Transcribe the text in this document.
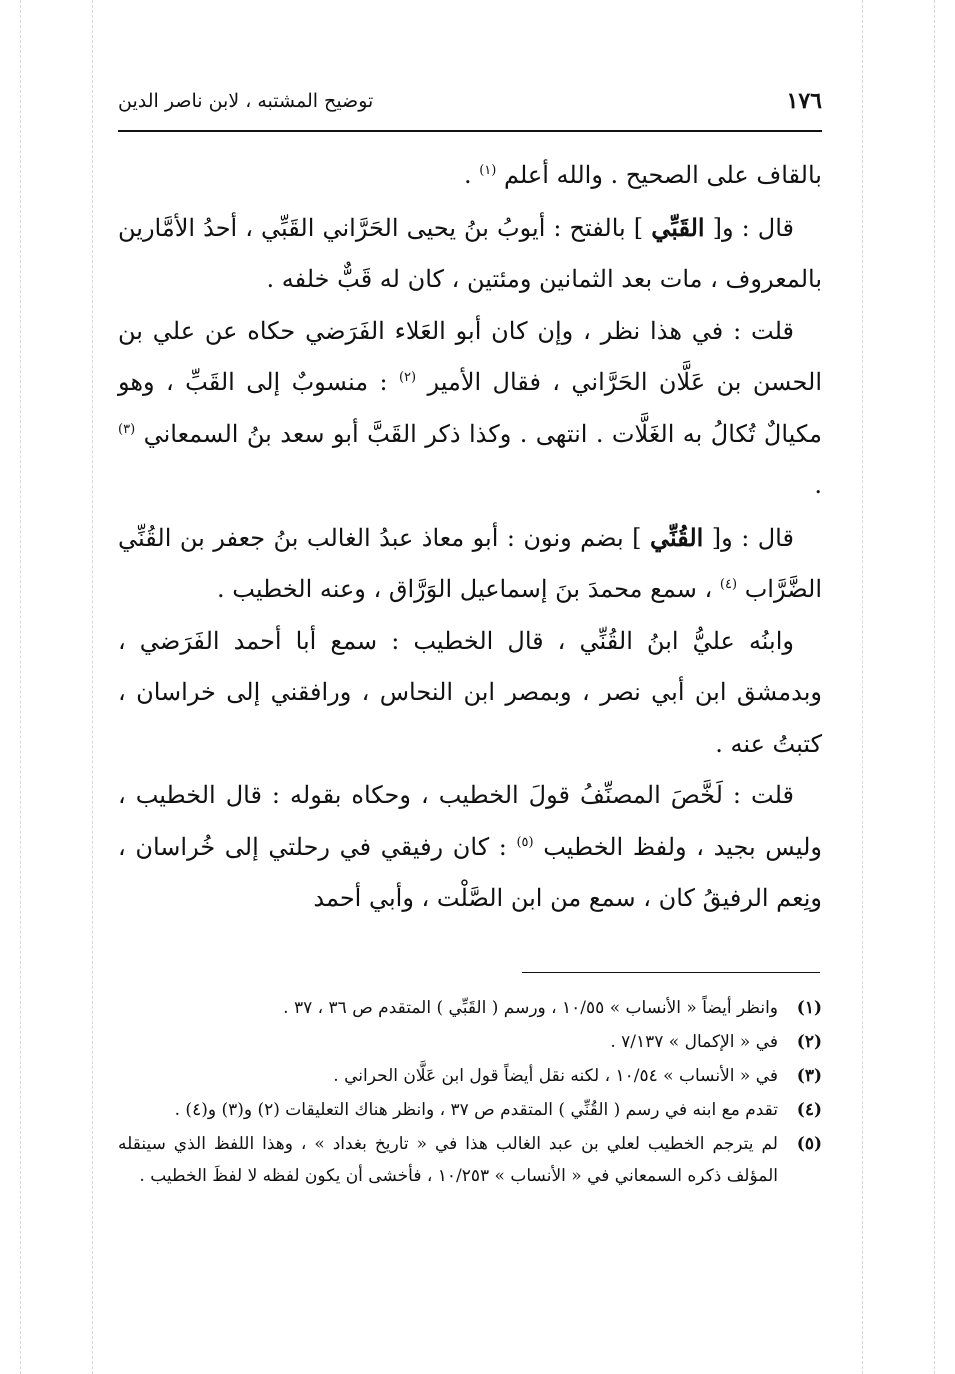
١٧٦
توضيح المشتبه ، لابن ناصر الدين

بالقاف على الصحيح . والله أعلم $^{(١)}$ .

قال : و[ القَبِّي ] بالفتح : أيوبُ بنُ يحيى الحَرَّاني القَبِّي ، أحدُ الأمَّارين بالمعروف ، مات بعد الثمانين ومئتين ، كان له قَبٌّ خلفه .

قلت : في هذا نظر ، وإن كان أبو العَلاء الفَرَضي حكاه عن علي بن الحسن بن عَلَّان الحَرَّاني ، فقال الأمير $^{(٢)}$ : منسوبٌ إلى القَبِّ ، وهو مكيالٌ تُكالُ به الغَلَّات . انتهى . وكذا ذكر القَبَّ أبو سعد بنُ السمعاني $^{(٣)}$ .

قال : و[ القُنِّي ] بضم ونون : أبو معاذ عبدُ الغالب بنُ جعفر بن القُنِّي الضَّرَّاب $^{(٤)}$ ، سمع محمدَ بنَ إسماعيل الوَرَّاق ، وعنه الخطيب .

وابنُه عليُّ ابنُ القُنِّي ، قال الخطيب : سمع أبا أحمد الفَرَضي ، وبدمشق ابن أبي نصر ، وبمصر ابن النحاس ، ورافقني إلى خراسان ، كتبتُ عنه .

قلت : لَخَّصَ المصنِّفُ قولَ الخطيب ، وحكاه بقوله : قال الخطيب ، وليس بجيد ، ولفظ الخطيب $^{(٥)}$ : كان رفيقي في رحلتي إلى خُراسان ، ونِعم الرفيقُ كان ، سمع من ابن الصَّلْت ، وأبي أحمد

(١)
وانظر أيضاً « الأنساب » ١٠/٥٥ ، ورسم ( القَبِّي ) المتقدم ص ٣٦ ، ٣٧ .
(٢)
في « الإكمال » ٧/١٣٧ .
(٣)
في « الأنساب » ١٠/٥٤ ، لكنه نقل أيضاً قول ابن عَلَّان الحراني .
(٤)
تقدم مع ابنه في رسم ( القُنِّي ) المتقدم ص ٣٧ ، وانظر هناك التعليقات (٢) و(٣) و(٤) .
(٥)
لم يترجم الخطيب لعلي بن عبد الغالب هذا في « تاريخ بغداد » ، وهذا اللفظ الذي سينقله المؤلف ذكره السمعاني في « الأنساب » ١٠/٢٥٣ ، فأخشى أن يكون لفظه لا لفظَ الخطيب .
